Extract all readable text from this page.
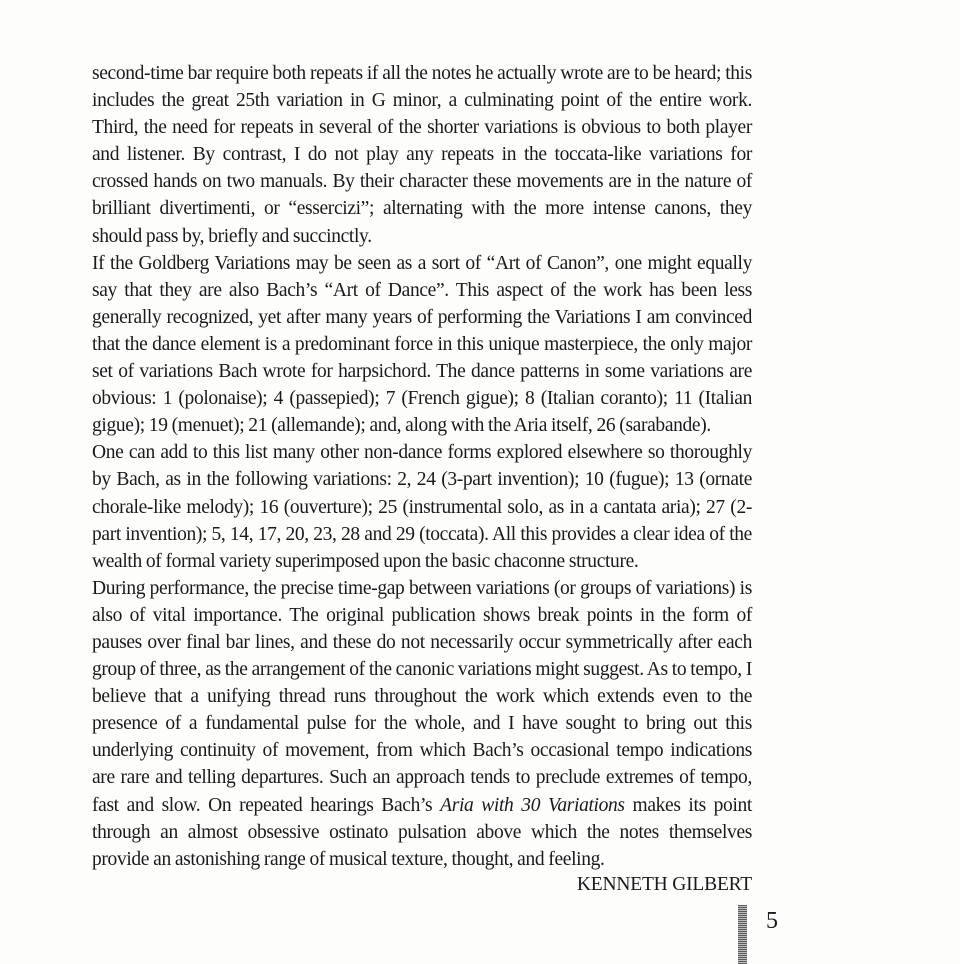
second-time bar require both repeats if all the notes he actually wrote are to be heard; this includes the great 25th variation in G minor, a culminating point of the entire work. Third, the need for repeats in several of the shorter variations is obvious to both player and listener. By contrast, I do not play any repeats in the toccata-like variations for crossed hands on two manuals. By their character these movements are in the nature of brilliant divertimenti, or “essercizi”; alternating with the more intense canons, they should pass by, briefly and succinctly.

If the Goldberg Variations may be seen as a sort of “Art of Canon”, one might equally say that they are also Bach’s “Art of Dance”. This aspect of the work has been less generally recognized, yet after many years of performing the Variations I am convinced that the dance element is a predominant force in this unique masterpiece, the only major set of variations Bach wrote for harpsichord. The dance patterns in some variations are obvious: 1 (polonaise); 4 (passepied); 7 (French gigue); 8 (Italian coranto); 11 (Italian gigue); 19 (menuet); 21 (allemande); and, along with the Aria itself, 26 (sarabande).

One can add to this list many other non-dance forms explored elsewhere so thoroughly by Bach, as in the following variations: 2, 24 (3-part invention); 10 (fugue); 13 (ornate chorale-like melody); 16 (ouverture); 25 (instrumental solo, as in a cantata aria); 27 (2-part invention); 5, 14, 17, 20, 23, 28 and 29 (toccata). All this provides a clear idea of the wealth of formal variety superimposed upon the basic chaconne structure.

During performance, the precise time-gap between variations (or groups of variations) is also of vital importance. The original publication shows break points in the form of pauses over final bar lines, and these do not necessarily occur symmetrically after each group of three, as the arrangement of the canonic variations might suggest. As to tempo, I believe that a unifying thread runs throughout the work which extends even to the presence of a fundamental pulse for the whole, and I have sought to bring out this underlying continuity of movement, from which Bach’s occasional tempo indications are rare and telling departures. Such an approach tends to preclude extremes of tempo, fast and slow. On repeated hearings Bach’s Aria with 30 Variations makes its point through an almost obsessive ostinato pulsation above which the notes themselves provide an astonishing range of musical texture, thought, and feeling.

KENNETH GILBERT
5
